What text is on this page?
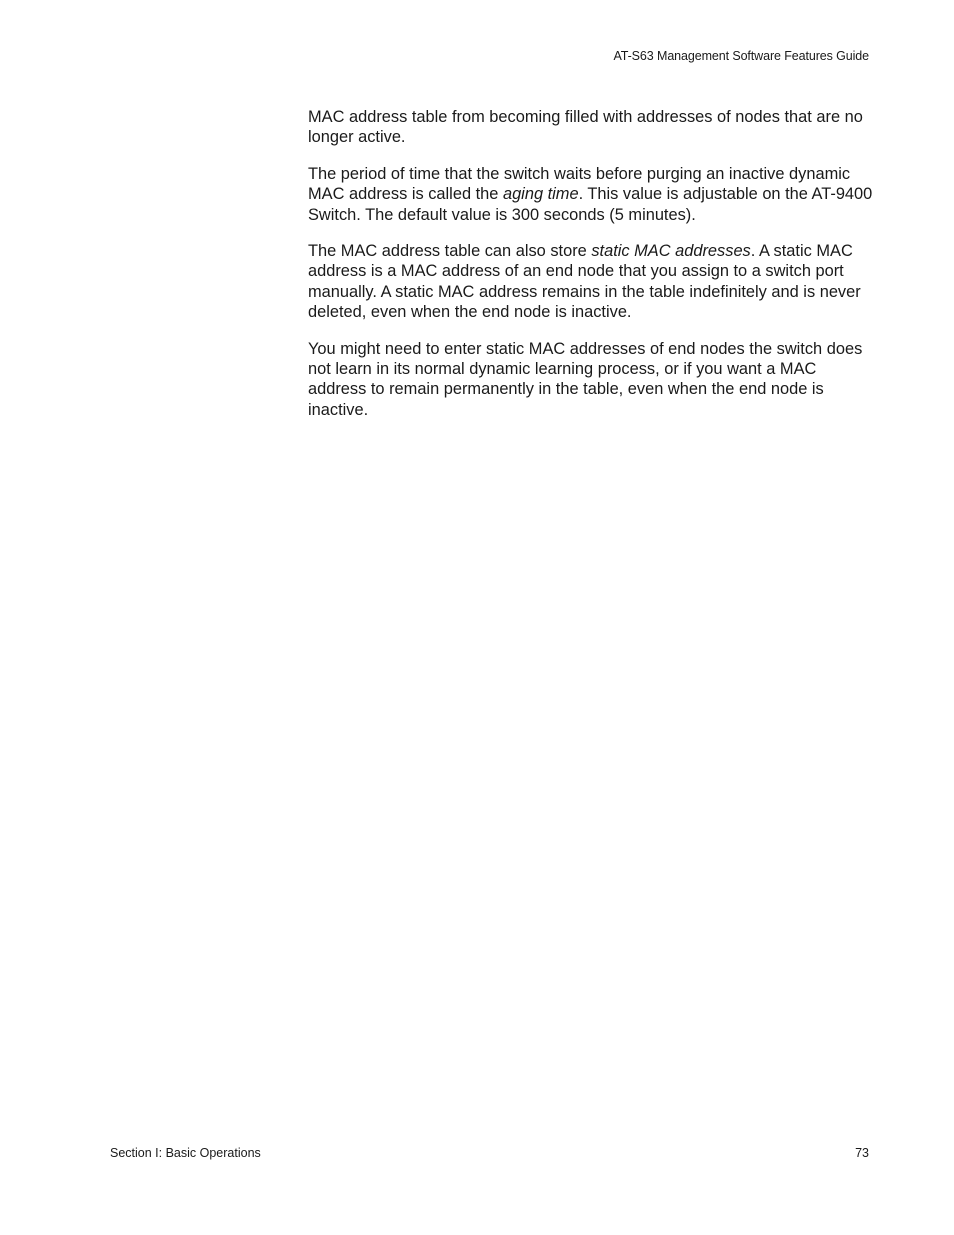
AT-S63 Management Software Features Guide

MAC address table from becoming filled with addresses of nodes that are no longer active.

The period of time that the switch waits before purging an inactive dynamic MAC address is called the aging time. This value is adjustable on the AT-9400 Switch. The default value is 300 seconds (5 minutes).

The MAC address table can also store static MAC addresses. A static MAC address is a MAC address of an end node that you assign to a switch port manually. A static MAC address remains in the table indefinitely and is never deleted, even when the end node is inactive.

You might need to enter static MAC addresses of end nodes the switch does not learn in its normal dynamic learning process, or if you want a MAC address to remain permanently in the table, even when the end node is inactive.

Section I: Basic Operations	73
